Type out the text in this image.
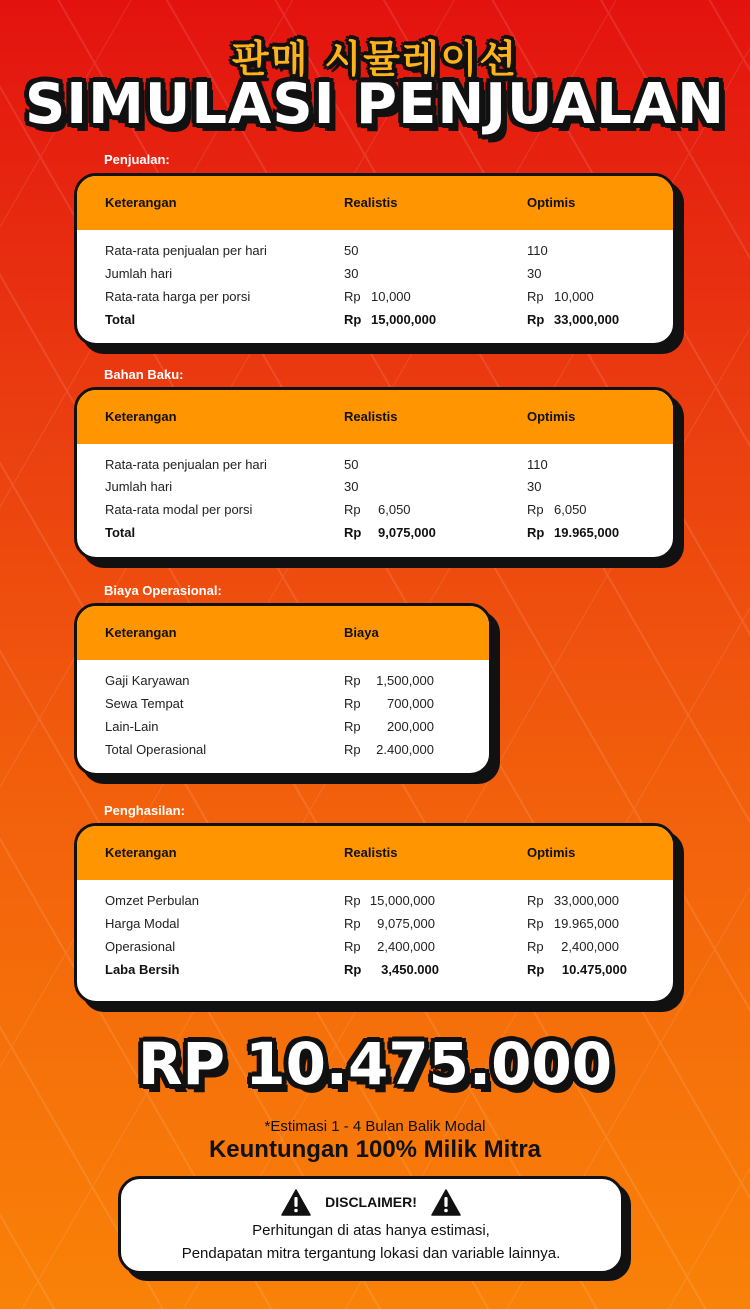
판매 시뮬레이션
SIMULASI PENJUALAN
Penjualan:
Keterangan	Realistis	Optimis
Rata-rata penjualan per hari	50	110
Jumlah hari	30	30
Rata-rata harga per porsi	Rp 10,000	Rp 10,000
Total	Rp 15,000,000	Rp 33,000,000
Bahan Baku:
Keterangan	Realistis	Optimis
Rata-rata penjualan per hari	50	110
Jumlah hari	30	30
Rata-rata modal per porsi	Rp 6,050	Rp 6,050
Total	Rp 9,075,000	Rp 19.965,000
Biaya Operasional:
Keterangan	Biaya
Gaji Karyawan	Rp	1,500,000
Sewa Tempat	Rp	700,000
Lain-Lain	Rp	200,000
Total Operasional	Rp	2.400,000
Penghasilan:
Keterangan	Realistis	Optimis
Omzet Perbulan	Rp 15,000,000	Rp 33,000,000
Harga Modal	Rp	9,075,000	Rp 19.965,000
Operasional	Rp	2,400,000	Rp	2,400,000
Laba Bersih	Rp	3,450.000	Rp	10.475,000
RP 10.475.000
*Estimasi 1 - 4 Bulan Balik Modal
Keuntungan 100% Milik Mitra
DISCLAIMER!
Perhitungan di atas hanya estimasi,
Pendapatan mitra tergantung lokasi dan variable lainnya.
